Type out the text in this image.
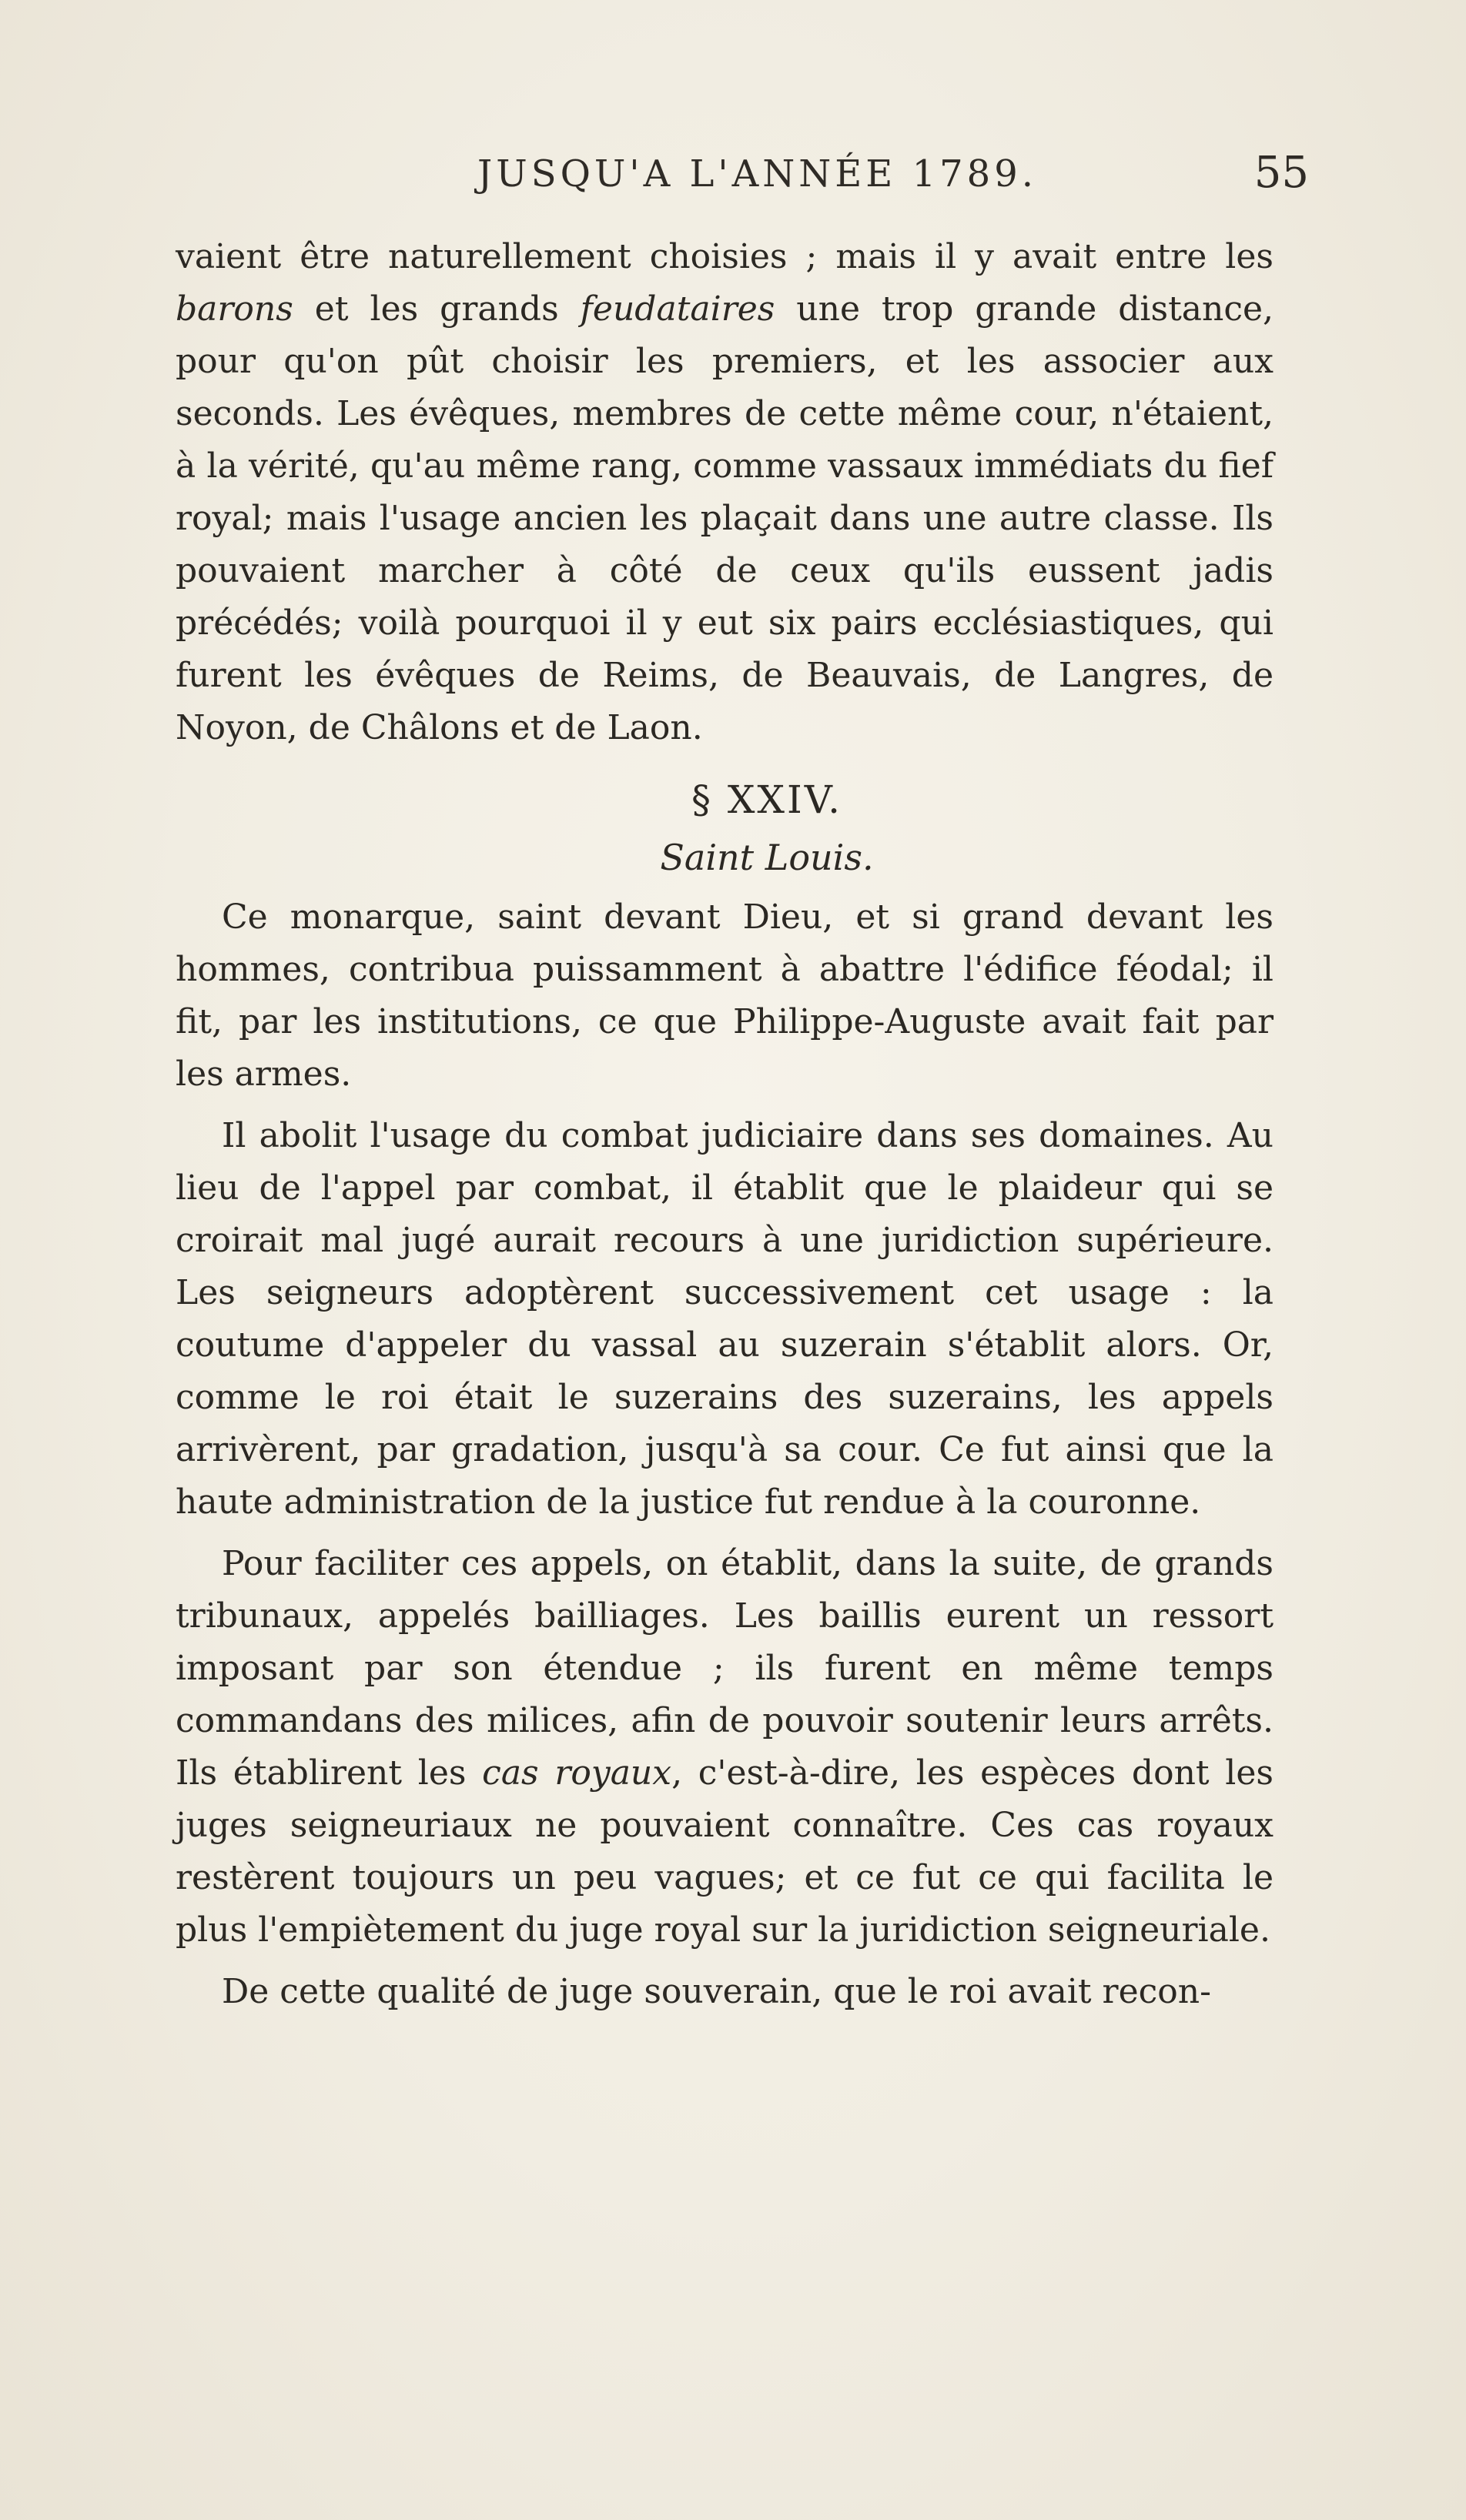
JUSQU'A L'ANNÉE 1789.	55

vaient être naturellement choisies ; mais il y avait entre les barons et les grands feudataires une trop grande distance, pour qu'on pût choisir les premiers, et les associer aux seconds. Les évêques, membres de cette même cour, n'étaient, à la vérité, qu'au même rang, comme vassaux immédiats du fief royal; mais l'usage ancien les plaçait dans une autre classe. Ils pouvaient marcher à côté de ceux qu'ils eussent jadis précédés; voilà pourquoi il y eut six pairs ecclésiastiques, qui furent les évêques de Reims, de Beauvais, de Langres, de Noyon, de Châlons et de Laon.

§ XXIV.
Saint Louis.

Ce monarque, saint devant Dieu, et si grand devant les hommes, contribua puissamment à abattre l'édifice féodal; il fit, par les institutions, ce que Philippe-Auguste avait fait par les armes.

Il abolit l'usage du combat judiciaire dans ses domaines. Au lieu de l'appel par combat, il établit que le plaideur qui se croirait mal jugé aurait recours à une juridiction supérieure. Les seigneurs adoptèrent successivement cet usage : la coutume d'appeler du vassal au suzerain s'établit alors. Or, comme le roi était le suzerains des suzerains, les appels arrivèrent, par gradation, jusqu'à sa cour. Ce fut ainsi que la haute administration de la justice fut rendue à la couronne.

Pour faciliter ces appels, on établit, dans la suite, de grands tribunaux, appelés bailliages. Les baillis eurent un ressort imposant par son étendue ; ils furent en même temps commandans des milices, afin de pouvoir soutenir leurs arrêts. Ils établirent les cas royaux, c'est-à-dire, les espèces dont les juges seigneuriaux ne pouvaient connaître. Ces cas royaux restèrent toujours un peu vagues; et ce fut ce qui facilita le plus l'empiètement du juge royal sur la juridiction seigneuriale.

De cette qualité de juge souverain, que le roi avait recon-
